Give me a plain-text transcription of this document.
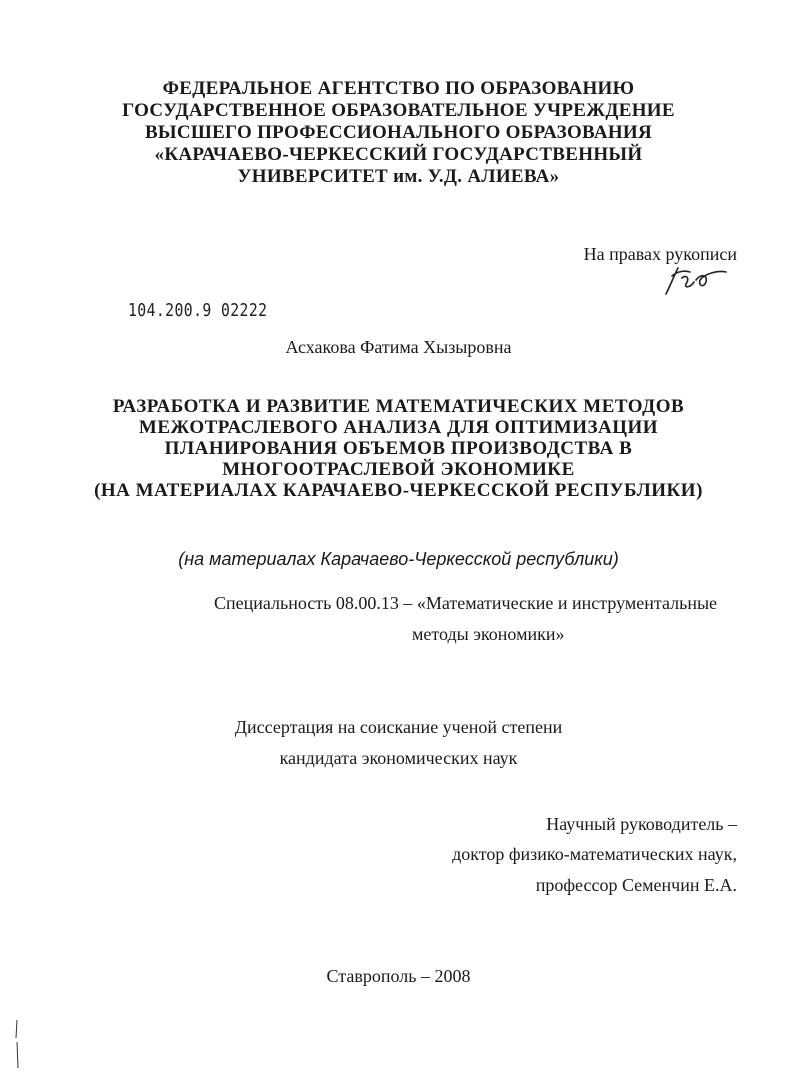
ФЕДЕРАЛЬНОЕ АГЕНТСТВО ПО ОБРАЗОВАНИЮ
ГОСУДАРСТВЕННОЕ ОБРАЗОВАТЕЛЬНОЕ УЧРЕЖДЕНИЕ
ВЫСШЕГО ПРОФЕССИОНАЛЬНОГО ОБРАЗОВАНИЯ
«КАРАЧАЕВО-ЧЕРКЕССКИЙ ГОСУДАРСТВЕННЫЙ
УНИВЕРСИТЕТ им. У.Д. АЛИЕВА»
На правах рукописи
104.200.9 02222
Асхакова Фатима Хызыровна
РАЗРАБОТКА И РАЗВИТИЕ МАТЕМАТИЧЕСКИХ МЕТОДОВ
МЕЖОТРАСЛЕВОГО АНАЛИЗА ДЛЯ ОПТИМИЗАЦИИ
ПЛАНИРОВАНИЯ ОБЪЕМОВ ПРОИЗВОДСТВА В
МНОГООТРАСЛЕВОЙ ЭКОНОМИКЕ
(НА МАТЕРИАЛАХ КАРАЧАЕВО-ЧЕРКЕССКОЙ РЕСПУБЛИКИ)
(на материалах Карачаево-Черкесской республики)
Специальность 08.00.13 – «Математические и инструментальные
методы экономики»
Диссертация на соискание ученой степени
кандидата экономических наук
Научный руководитель –
доктор физико-математических наук,
профессор Семенчин Е.А.
Ставрополь – 2008
